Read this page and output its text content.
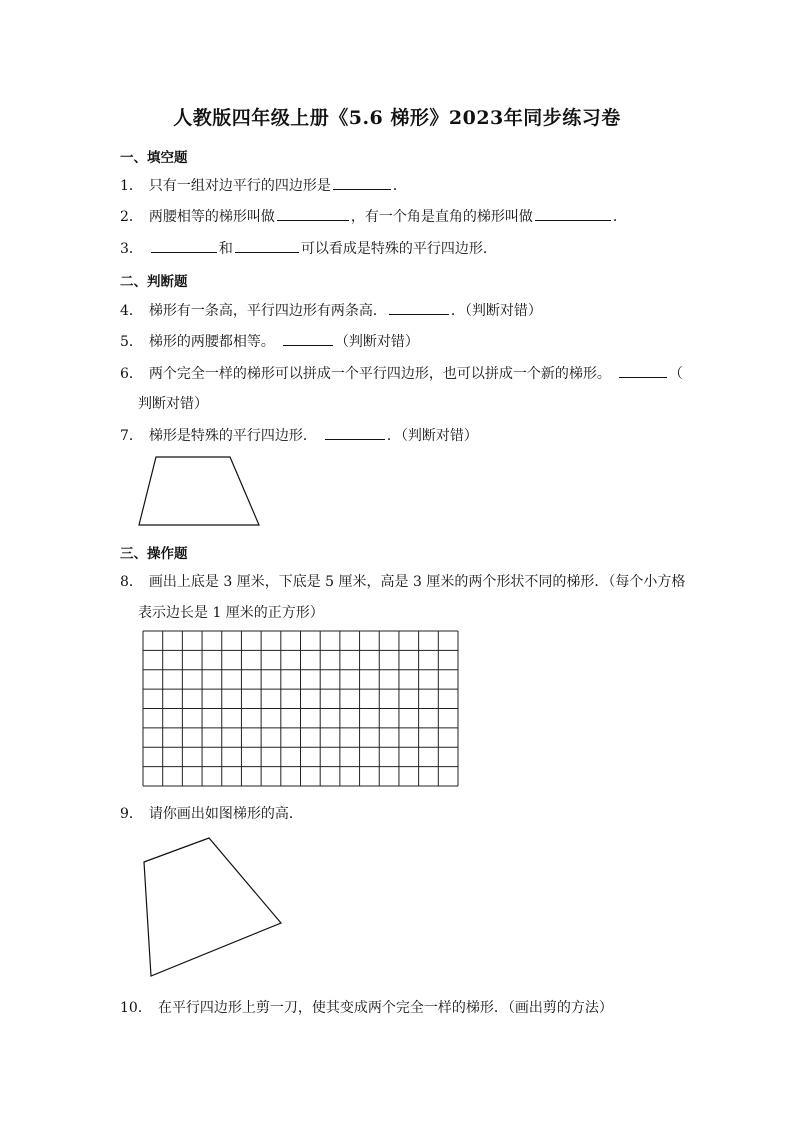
人教版四年级上册《5.6 梯形》2023年同步练习卷
一、填空题
1． 只有一组对边平行的四边形是	．
2． 两腰相等的梯形叫做	，有一个角是直角的梯形叫做	．
3．	和	可以看成是特殊的平行四边形．
二、判断题
4． 梯形有一条高，平行四边形有两条高．	．（判断对错）
5． 梯形的两腰都相等。	（判断对错）
6． 两个完全一样的梯形可以拼成一个平行四边形，也可以拼成一个新的梯形。	（
判断对错）
7． 梯形是特殊的平行四边形．	．（判断对错）
三、操作题
8． 画出上底是 3 厘米，下底是 5 厘米，高是 3 厘米的两个形状不同的梯形．（每个小方格
表示边长是 1 厘米的正方形）
9． 请你画出如图梯形的高．
10． 在平行四边形上剪一刀，使其变成两个完全一样的梯形．（画出剪的方法）
